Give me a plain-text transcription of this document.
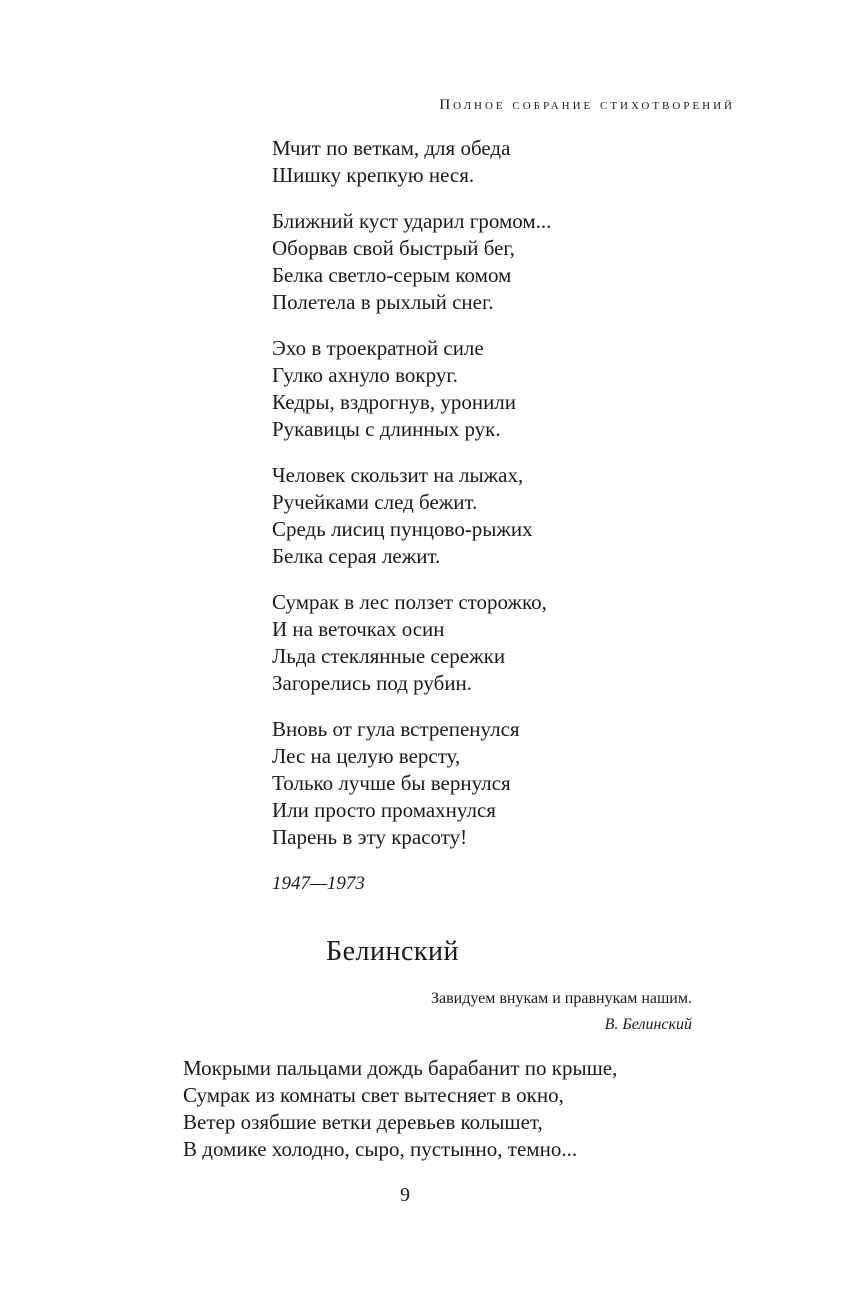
Полное собрание стихотворений
Мчит по веткам, для обеда
Шишку крепкую неся.
Ближний куст ударил громом...
Оборвав свой быстрый бег,
Белка светло-серым комом
Полетела в рыхлый снег.
Эхо в троекратной силе
Гулко ахнуло вокруг.
Кедры, вздрогнув, уронили
Рукавицы с длинных рук.
Человек скользит на лыжах,
Ручейками след бежит.
Средь лисиц пунцово-рыжих
Белка серая лежит.
Сумрак в лес ползет сторожко,
И на веточках осин
Льда стеклянные сережки
Загорелись под рубин.
Вновь от гула встрепенулся
Лес на целую версту,
Только лучше бы вернулся
Или просто промахнулся
Парень в эту красоту!
1947—1973
Белинский
Завидуем внукам и правнукам нашим.
В. Белинский
Мокрыми пальцами дождь барабанит по крыше,
Сумрак из комнаты свет вытесняет в окно,
Ветер озябшие ветки деревьев колышет,
В домике холодно, сыро, пустынно, темно...
9
